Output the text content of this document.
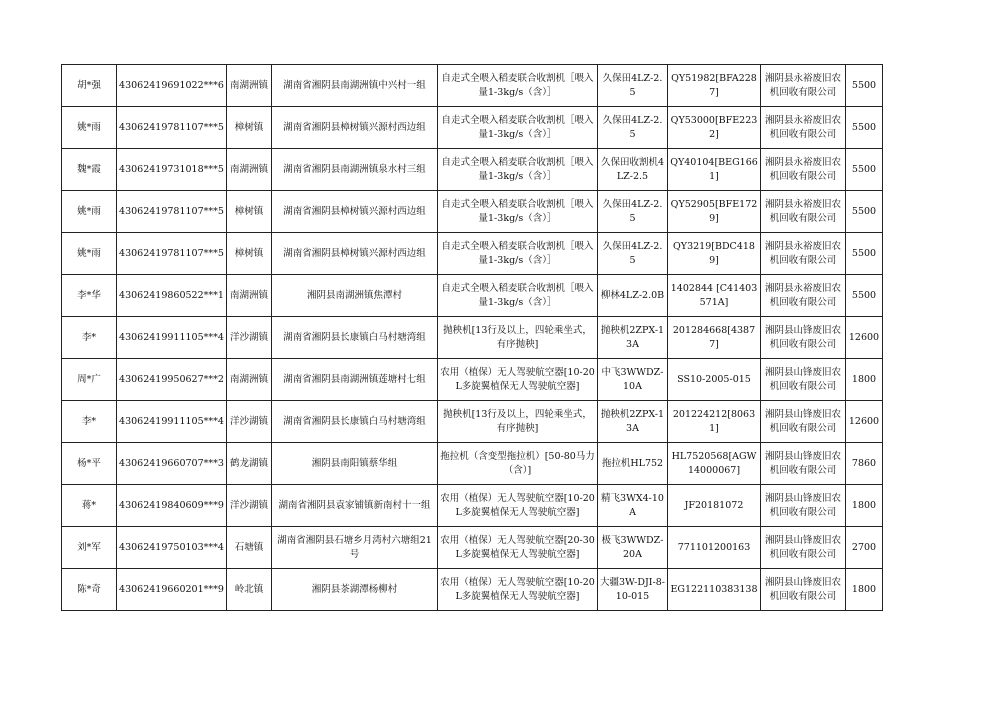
胡*强	43062419691022***6	南湖洲镇	湖南省湘阴县南湖洲镇中兴村一组	自走式全喂入稻麦联合收割机［喂入量1-3kg/s（含）］	久保田4LZ-2.5	QY51982[BFA2287]	湘阴县永裕废旧农机回收有限公司	5500
姚*雨	43062419781107***5	樟树镇	湖南省湘阴县樟树镇兴源村西边组	自走式全喂入稻麦联合收割机［喂入量1-3kg/s（含）］	久保田4LZ-2.5	QY53000[BFE2232]	湘阴县永裕废旧农机回收有限公司	5500
魏*霞	43062419731018***5	南湖洲镇	湖南省湘阴县南湖洲镇泉水村三组	自走式全喂入稻麦联合收割机［喂入量1-3kg/s（含）］	久保田收割机4LZ-2.5	QY40104[BEG1661]	湘阴县永裕废旧农机回收有限公司	5500
姚*雨	43062419781107***5	樟树镇	湖南省湘阴县樟树镇兴源村西边组	自走式全喂入稻麦联合收割机［喂入量1-3kg/s（含）］	久保田4LZ-2.5	QY52905[BFE1729]	湘阴县永裕废旧农机回收有限公司	5500
姚*雨	43062419781107***5	樟树镇	湖南省湘阴县樟树镇兴源村西边组	自走式全喂入稻麦联合收割机［喂入量1-3kg/s（含）］	久保田4LZ-2.5	QY3219[BDC4189]	湘阴县永裕废旧农机回收有限公司	5500
李*华	43062419860522***1	南湖洲镇	湘阴县南湖洲镇焦潭村	自走式全喂入稻麦联合收割机［喂入量1-3kg/s（含）］	柳林4LZ-2.0B	1402844 [C41403571A]	湘阴县永裕废旧农机回收有限公司	5500
李*	43062419911105***4	洋沙湖镇	湖南省湘阴县长康镇白马村塘湾组	抛秧机[13行及以上，四轮乘坐式，有序抛秧]	抛秧机2ZPX-13A	201284668[43877]	湘阴县山锋废旧农机回收有限公司	12600
周*广	43062419950627***2	南湖洲镇	湖南省湘阴县南湖洲镇莲塘村七组	农用（植保）无人驾驶航空器[10-20L多旋翼植保无人驾驶航空器]	中飞3WWDZ-10A	SS10-2005-015	湘阴县山锋废旧农机回收有限公司	1800
李*	43062419911105***4	洋沙湖镇	湖南省湘阴县长康镇白马村塘湾组	抛秧机[13行及以上，四轮乘坐式，有序抛秧]	抛秧机2ZPX-13A	201224212[80631]	湘阴县山锋废旧农机回收有限公司	12600
杨*平	43062419660707***3	鹤龙湖镇	湘阴县南阳镇蔡华组	拖拉机（含变型拖拉机）[50-80马力（含）]	拖拉机HL752	HL7520568[AGW14000067]	湘阴县山锋废旧农机回收有限公司	7860
蒋*	43062419840609***9	洋沙湖镇	湖南省湘阴县袁家铺镇新南村十一组	农用（植保）无人驾驶航空器[10-20L多旋翼植保无人驾驶航空器]	精飞3WX4-10A	JF20181072	湘阴县山锋废旧农机回收有限公司	1800
刘*军	43062419750103***4	石塘镇	湖南省湘阴县石塘乡月湾村六塘组21号	农用（植保）无人驾驶航空器[20-30L多旋翼植保无人驾驶航空器]	极飞3WWDZ-20A	771101200163	湘阴县山锋废旧农机回收有限公司	2700
陈*奇	43062419660201***9	岭北镇	湘阴县茶湖潭杨柳村	农用（植保）无人驾驶航空器[10-20L多旋翼植保无人驾驶航空器]	大疆3W-DJI-8-10-015	EG122110383138	湘阴县山锋废旧农机回收有限公司	1800
